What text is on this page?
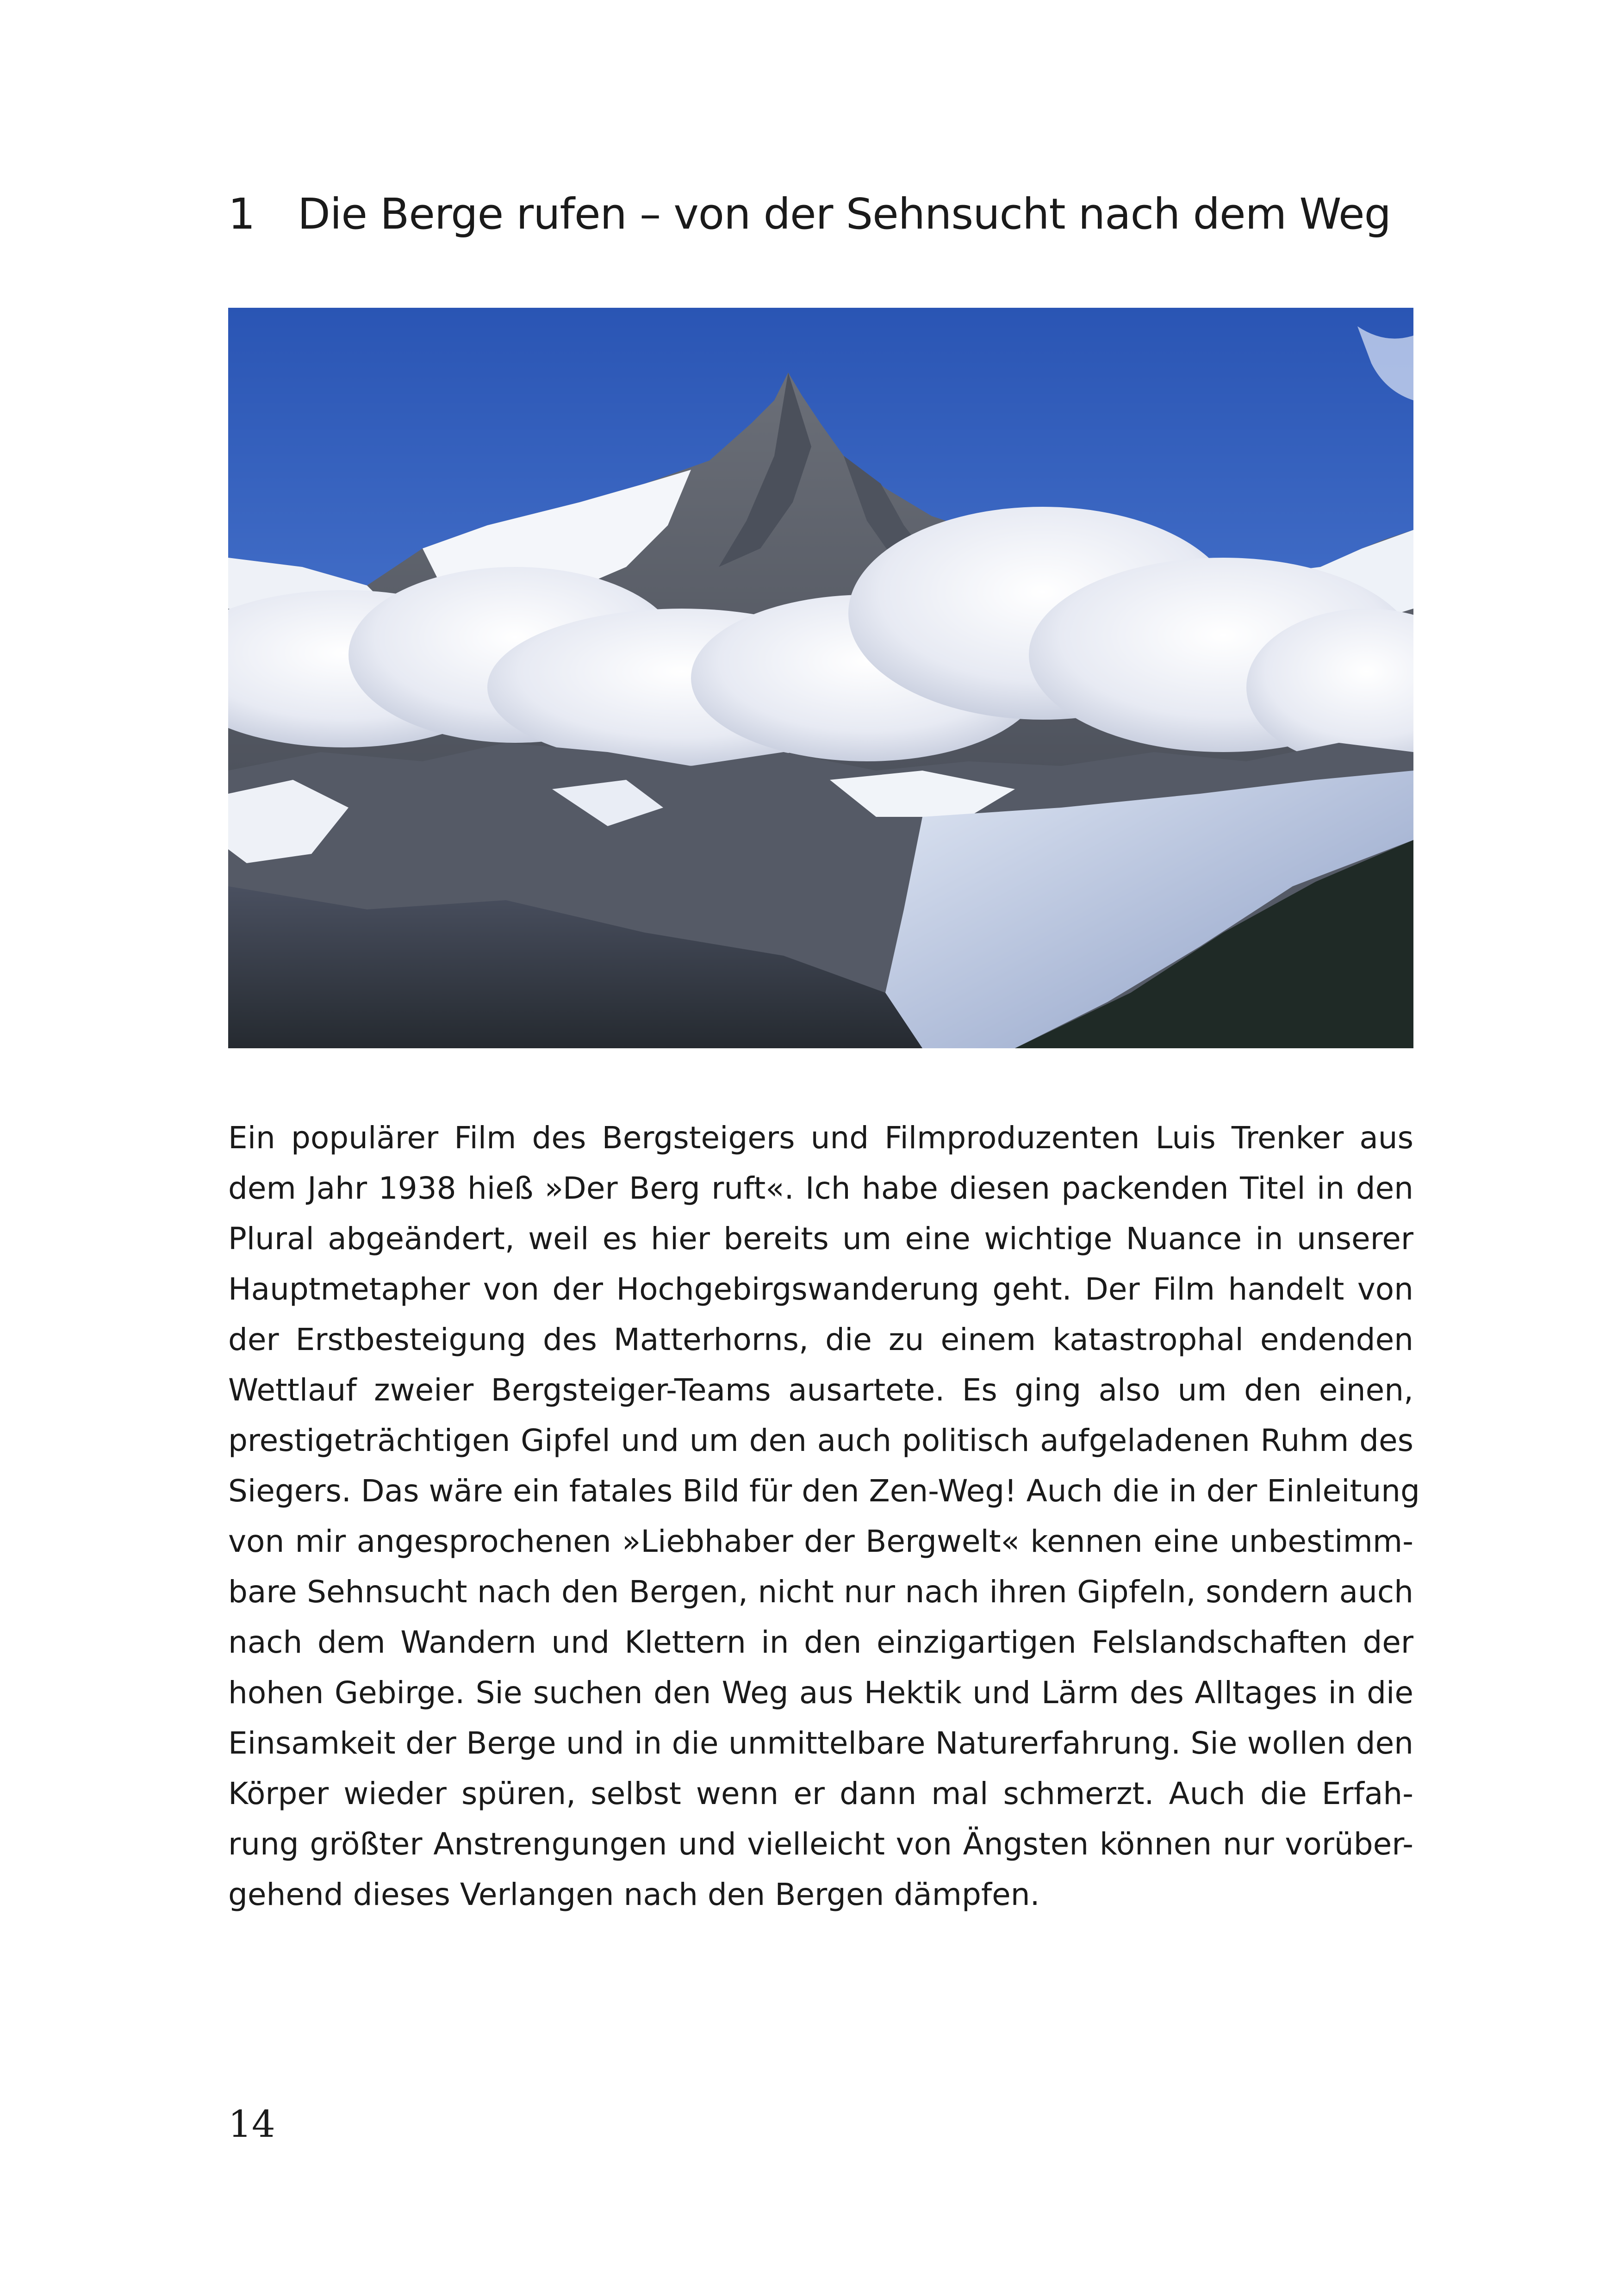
1 Die Berge rufen – von der Sehnsucht nach dem Weg
Ein populärer Film des Bergsteigers und Filmproduzenten Luis Trenker aus
dem Jahr 1938 hieß »Der Berg ruft«. Ich habe diesen packenden Titel in den
Plural abgeändert, weil es hier bereits um eine wichtige Nuance in unserer
Hauptmetapher von der Hochgebirgswanderung geht. Der Film handelt von
der Erstbesteigung des Matterhorns, die zu einem katastrophal endenden
Wettlauf zweier Bergsteiger-Teams ausartete. Es ging also um den einen,
prestigeträchtigen Gipfel und um den auch politisch aufgeladenen Ruhm des
Siegers. Das wäre ein fatales Bild für den Zen-Weg! Auch die in der Einleitung
von mir angesprochenen »Liebhaber der Bergwelt« kennen eine unbestimm-
bare Sehnsucht nach den Bergen, nicht nur nach ihren Gipfeln, sondern auch
nach dem Wandern und Klettern in den einzigartigen Felslandschaften der
hohen Gebirge. Sie suchen den Weg aus Hektik und Lärm des Alltages in die
Einsamkeit der Berge und in die unmittelbare Naturerfahrung. Sie wollen den
Körper wieder spüren, selbst wenn er dann mal schmerzt. Auch die Erfah-
rung größter Anstrengungen und vielleicht von Ängsten können nur vorüber-
gehend dieses Verlangen nach den Bergen dämpfen.
14
